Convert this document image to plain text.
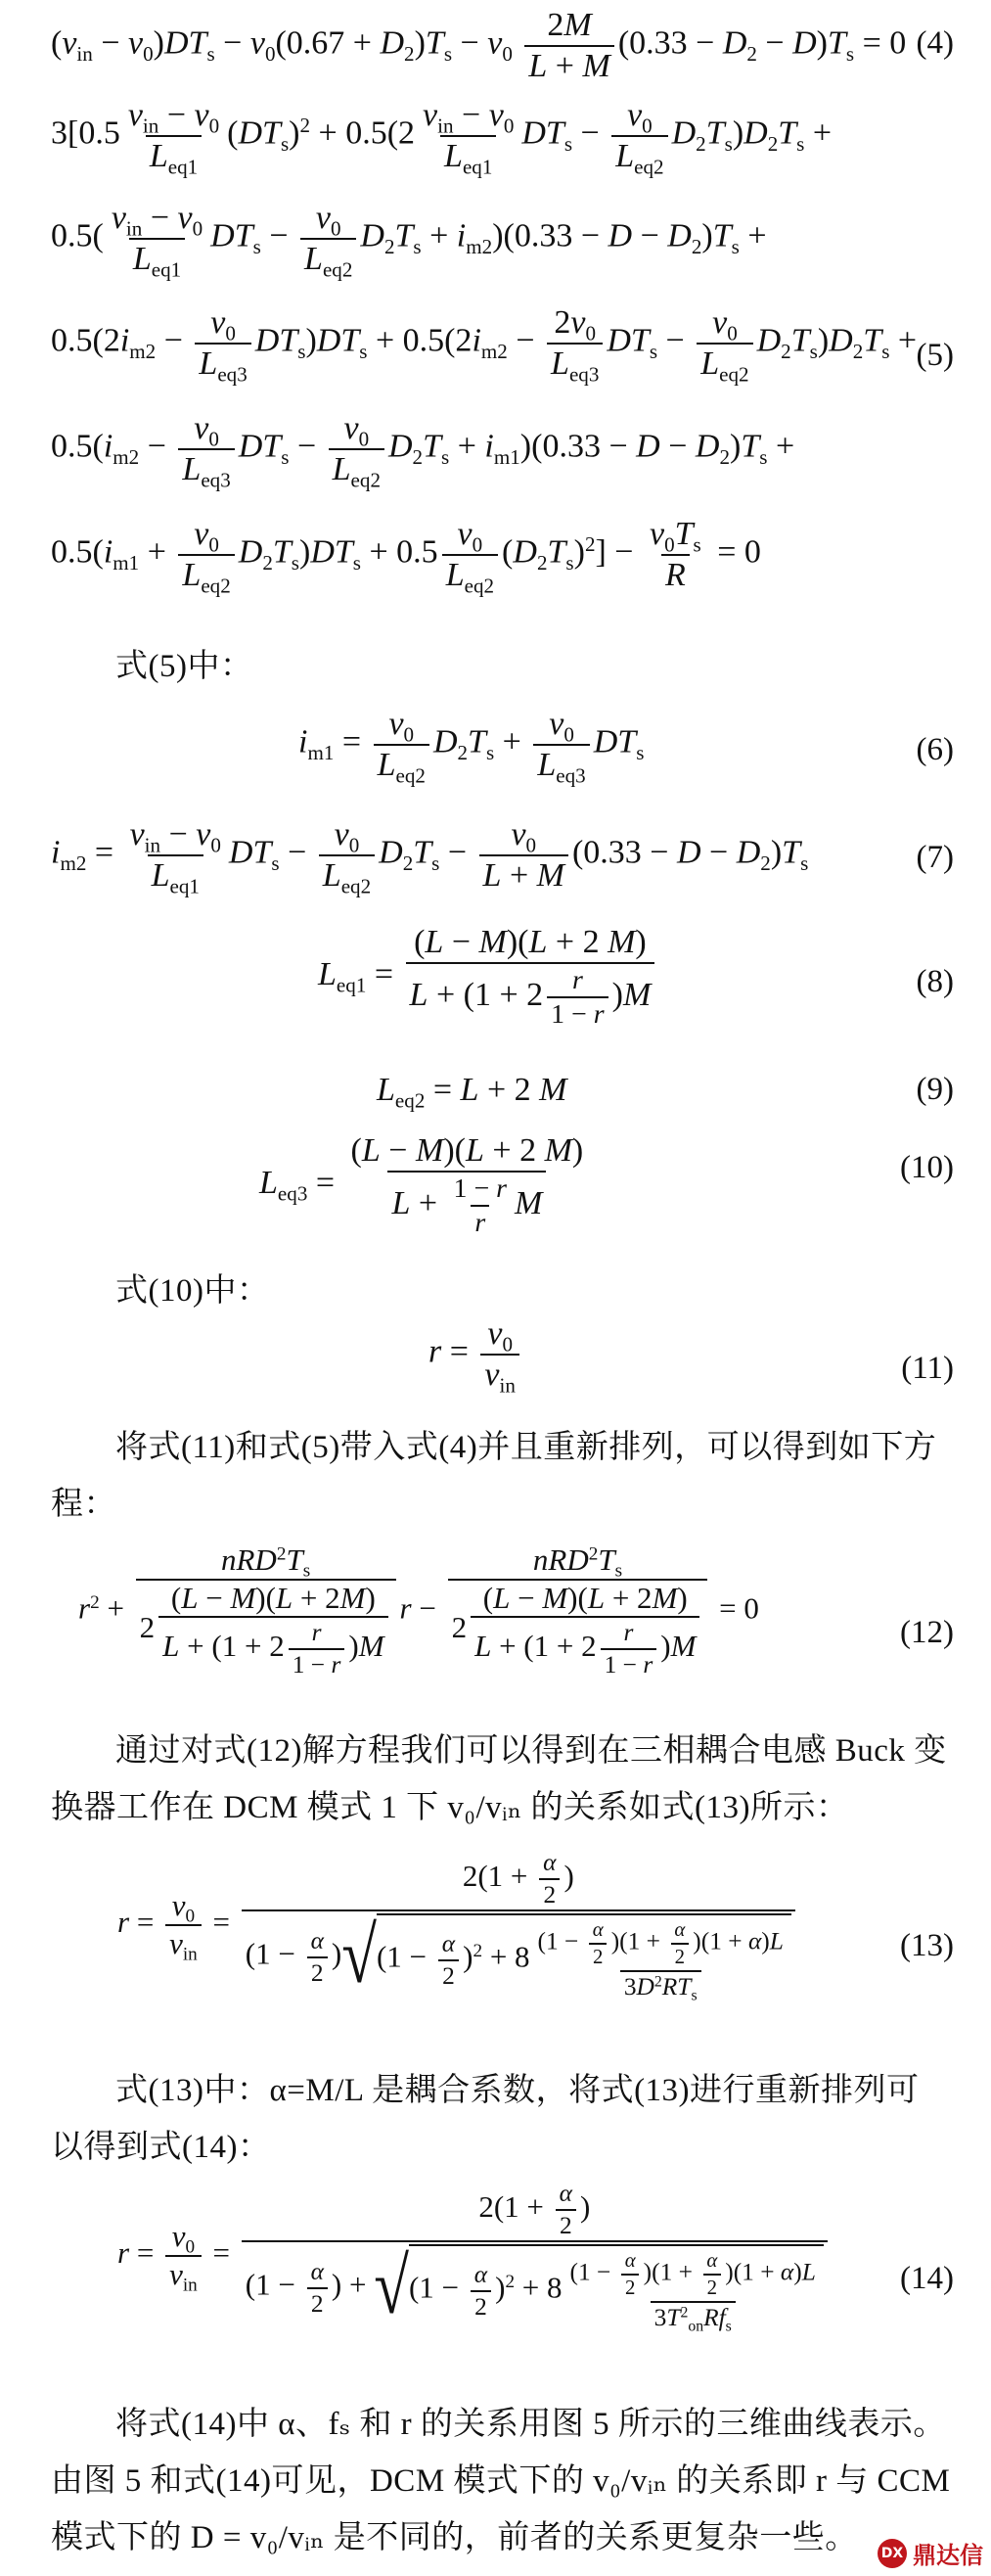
$(v_{in} - v_0)DT_s - v_0(0.67 + D_2)T_s - v_0 \frac{2M}{L + M} (0.33 - D_2 - D)T_s = 0$ (4)
$3[0.5 \frac{v_{in} - v_0}{L_{eq1}} (DT_s)^2 + 0.5(2 \frac{v_{in} - v_0}{L_{eq1}} DT_s - \frac{v_0}{L_{eq2}} D_2T_s)D_2T_s$ +
$0.5( \frac{v_{in} - v_0}{L_{eq1}} DT_s - \frac{v_0}{L_{eq2}} D_2T_s + i_{m2})(0.33 - D - D_2)T_s$ +
$0.5(2i_{m2} - \frac{v_0}{L_{eq3}} DT_s)DT_s + 0.5(2i_{m2} - \frac{2v_0}{L_{eq3}} DT_s - \frac{v_0}{L_{eq2}} D_2T_s)D_2T_s + (5)$
$0.5(i_{m2} - \frac{v_0}{L_{eq3}} DT_s - \frac{v_0}{L_{eq2}} D_2T_s + i_{m1})(0.33 - D - D_2)T_s$ +
$0.5(i_{m1} + \frac{v_0}{L_{eq2}} D_2T_s)DT_s + 0.5 \frac{v_0}{L_{eq2}} (D_2T_s)^2] - \frac{v_0T_s}{R} = 0$
式(5)中：
$i_{m1} = \frac{v_0}{L_{eq2}} D_2T_s + \frac{v_0}{L_{eq3}} DT_s$	(6)
$i_{m2} = \frac{v_{in} - v_0}{L_{eq1}} DT_s - \frac{v_0}{L_{eq2}} D_2T_s - \frac{v_0}{L + M} (0.33 - D - D_2)T_s$	(7)
$L_{eq1} = \frac{(L - M)(L + 2 M)}{L + (1 + 2 \frac{r}{1 - r} )M}$	(8)
$L_{eq2} = L + 2$ M	(9)
$L_{eq3} = \frac{(L - M)(L + 2 M)}{L + \frac{1 - r}{r} M}$	(10)
式(10)中：
$r = \frac{v_0}{v_{in}}$	(11)
将式(11)和式(5)带入式(4)并且重新排列，可以得到如下方程：
$r^2 + \frac{nRD^2T_s}{2 \frac{(L - M)(L + 2M)}{L + (1 + 2 \frac{r}{1 - r} )M}}$ $r - \frac{nRD^2T_s}{2 \frac{(L - M)(L + 2M)}{L + (1 + 2 \frac{r}{1 - r} )M}} = 0$
(12)
通过对式(12)解方程我们可以得到在三相耦合电感 Buck 变换器工作在 DCM 模式 1 下 v₀/vᵢₙ 的关系如式(13)所示：
$r = \frac{v_0}{v_{in}} = \frac{2(1 + \frac{\alpha}{2} )}{(1 - \frac{\alpha}{2} ) √ (1 - \frac{\alpha}{2} )^2 + 8 \frac{(1 - \frac{\alpha}{2} )(1 + \frac{\alpha}{2} )(1 + \alpha)L}{3D^2RT_s}}$	(13)
式(13)中：α=M/L 是耦合系数，将式(13)进行重新排列可以得到式(14)：
$r = \frac{v_0}{v_{in}} = \frac{2(1 + \frac{\alpha}{2} )}{(1 - \frac{\alpha}{2} ) + √ (1 - \frac{\alpha}{2} )^2 + 8 \frac{(1 - \frac{\alpha}{2} )(1 + \frac{\alpha}{2} )(1 + \alpha)L}{3T^2_{on}Rf_s}} (14)$
将式(14)中 α、fₛ 和 r 的关系用图 5 所示的三维曲线表示。由图 5 和式(14)可见，DCM 模式下的 v₀/vᵢₙ 的关系即 r 与 CCM 模式下的 D = v₀/vᵢₙ 是不同的，前者的关系更复杂一些。	DX 鼎达信
